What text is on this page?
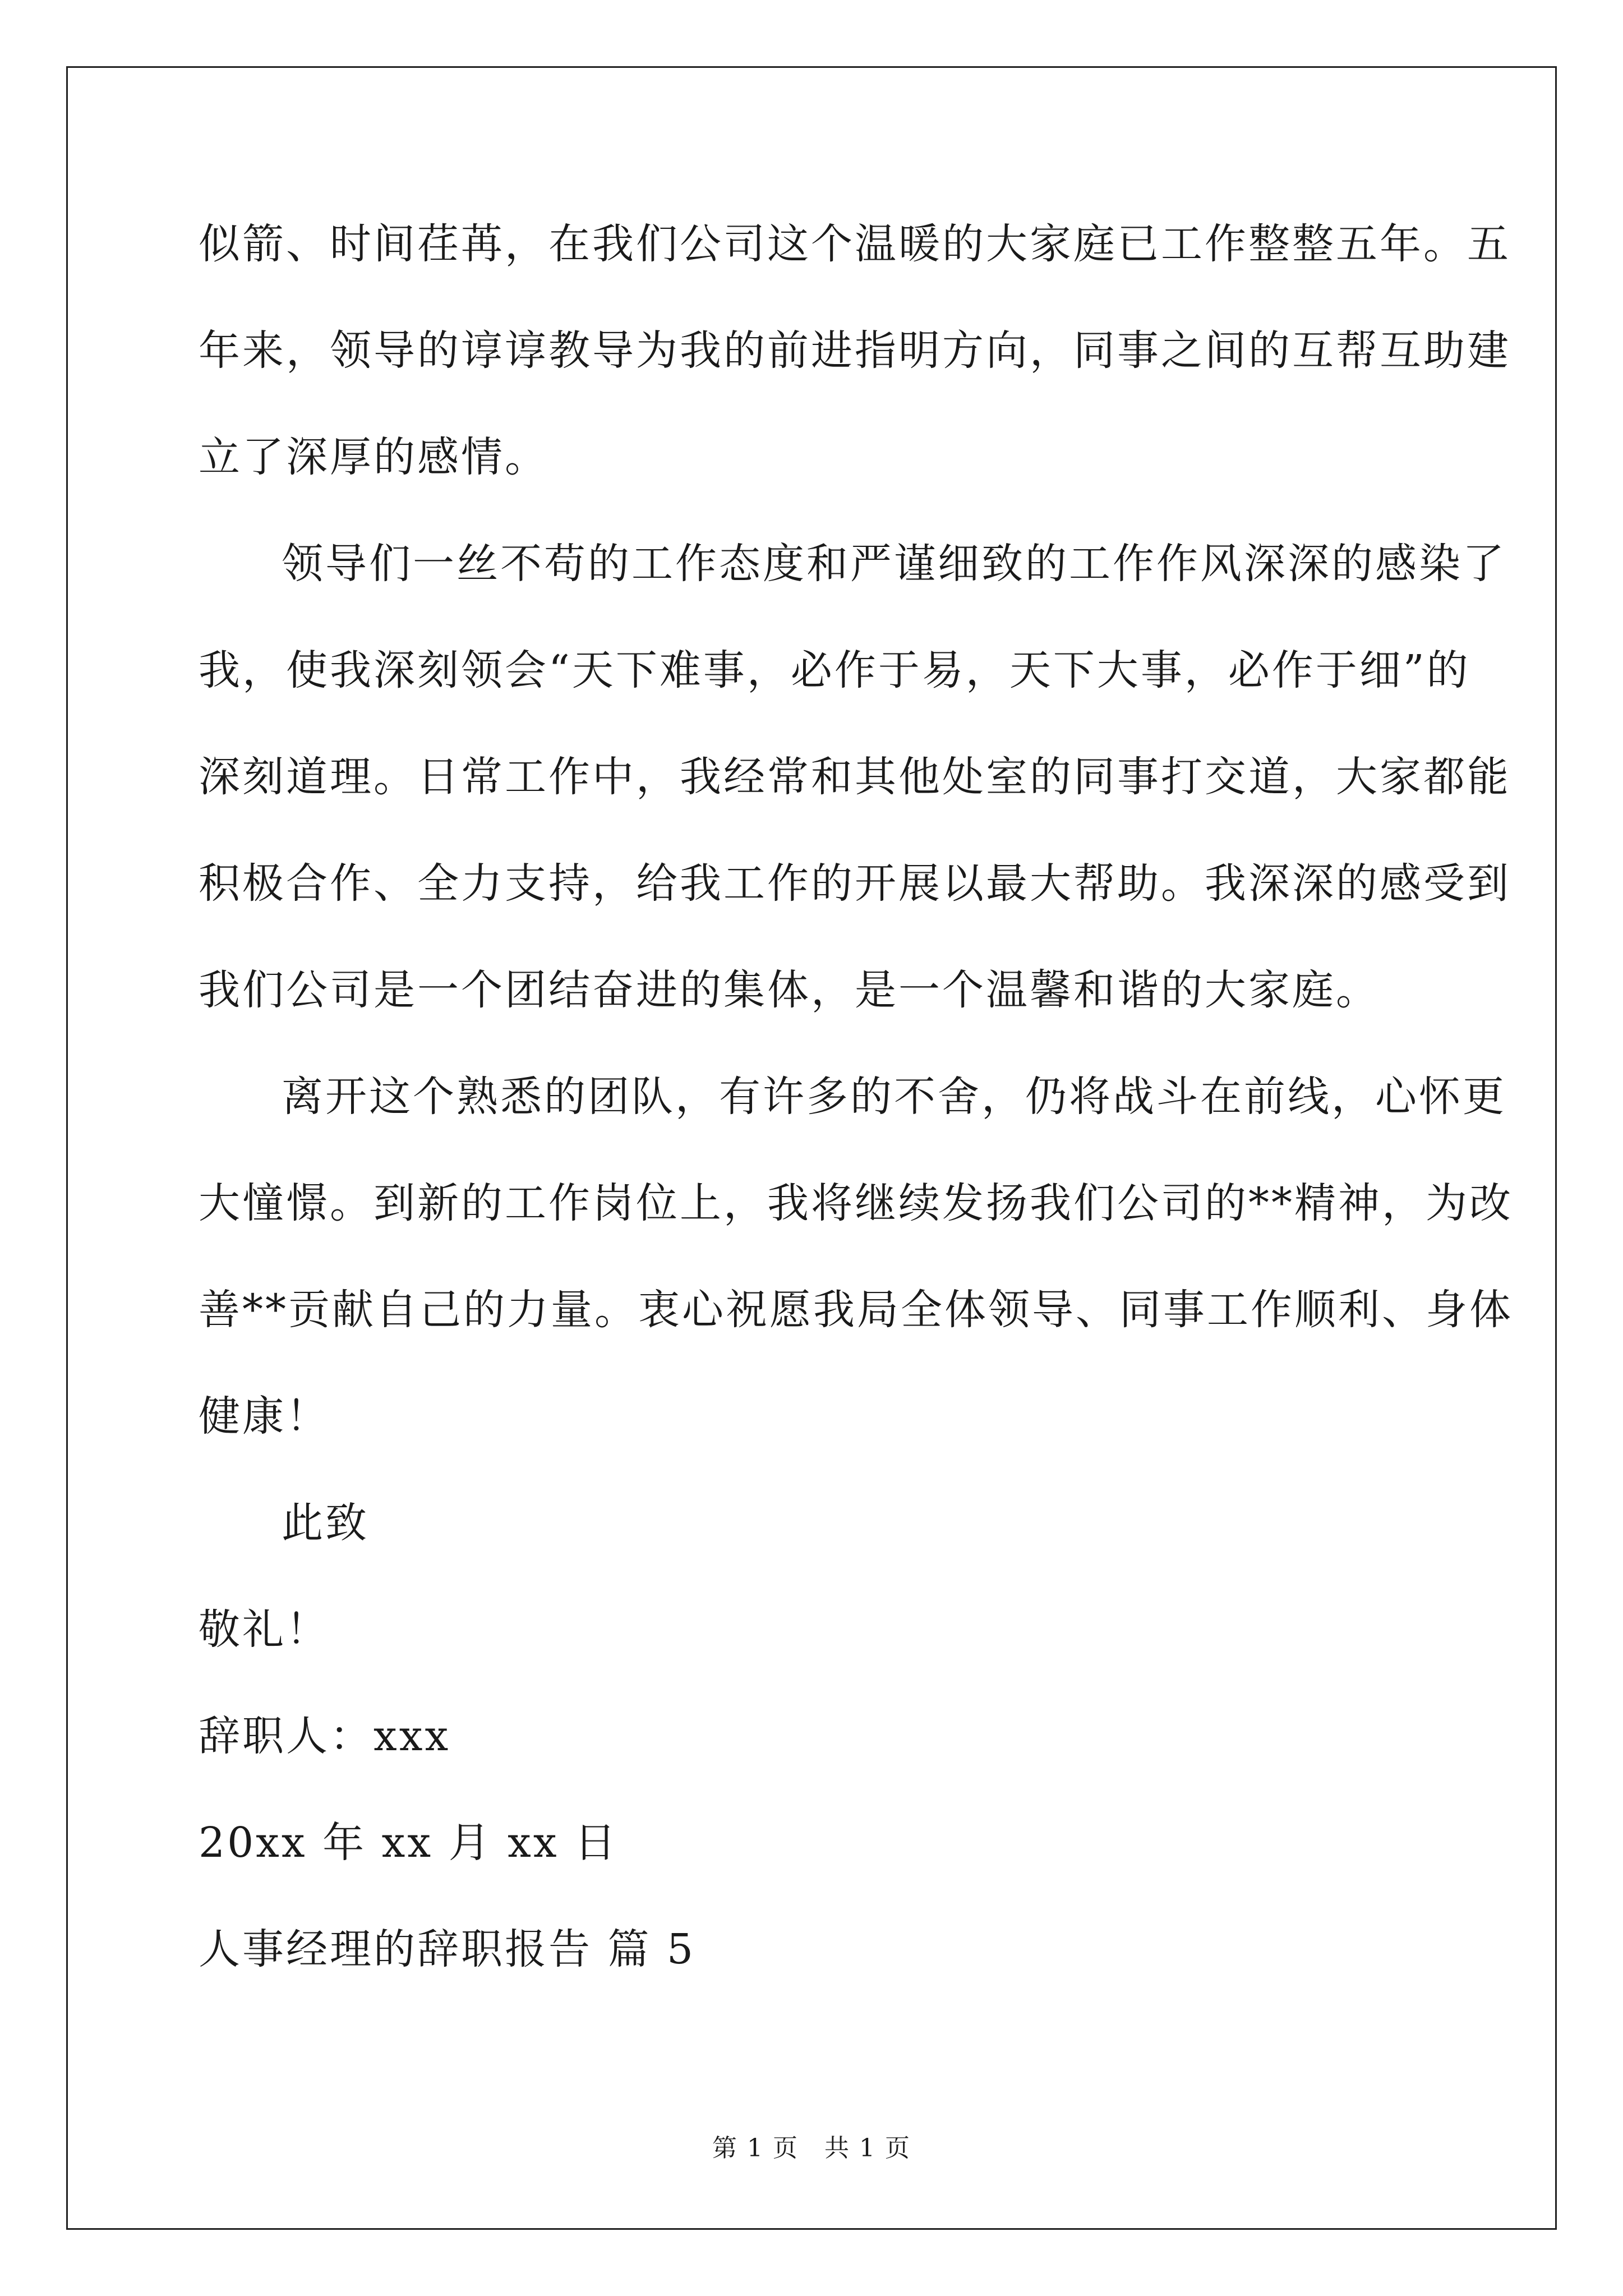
似箭、时间荏苒，在我们公司这个温暖的大家庭已工作整整五年。五
年来，领导的谆谆教导为我的前进指明方向，同事之间的互帮互助建
立了深厚的感情。
领导们一丝不苟的工作态度和严谨细致的工作作风深深的感染了
我，使我深刻领会“天下难事，必作于易，天下大事，必作于细”的
深刻道理。日常工作中，我经常和其他处室的同事打交道，大家都能
积极合作、全力支持，给我工作的开展以最大帮助。我深深的感受到
我们公司是一个团结奋进的集体，是一个温馨和谐的大家庭。
离开这个熟悉的团队，有许多的不舍，仍将战斗在前线，心怀更
大憧憬。到新的工作岗位上，我将继续发扬我们公司的**精神，为改
善**贡献自己的力量。衷心祝愿我局全体领导、同事工作顺利、身体
健康！
此致
敬礼！
辞职人：xxx
20xx 年 xx 月 xx 日
人事经理的辞职报告 篇 5
第 1 页　共 1 页
